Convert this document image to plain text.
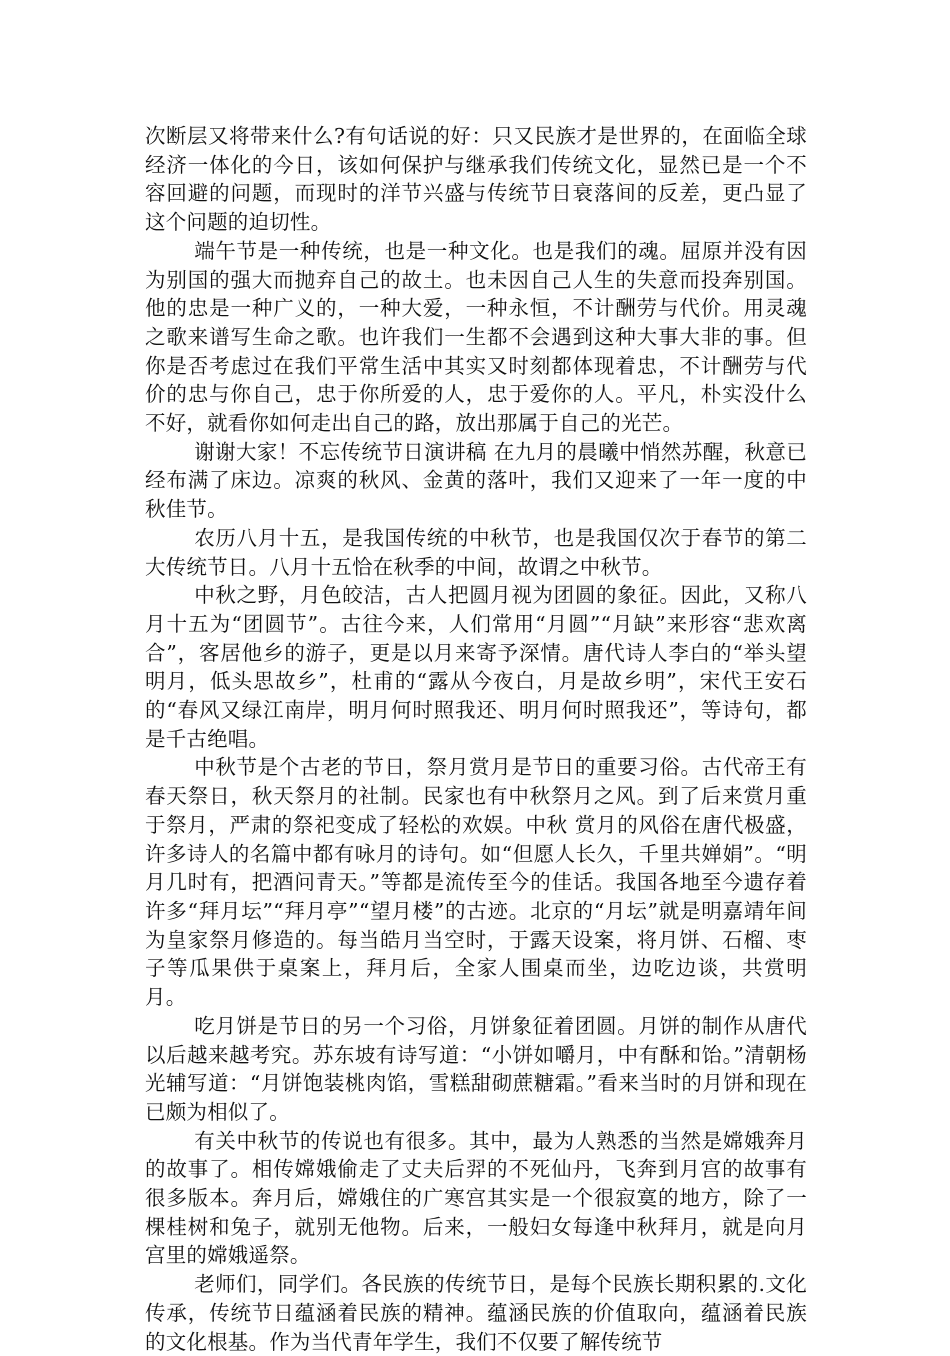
次断层又将带来什么?有句话说的好：只又民族才是世界的，在面临全球经济一体化的今日，该如何保护与继承我们传统文化，显然已是一个不容回避的问题，而现时的洋节兴盛与传统节日衰落间的反差，更凸显了这个问题的迫切性。

端午节是一种传统，也是一种文化。也是我们的魂。屈原并没有因为别国的强大而抛弃自己的故土。也未因自己人生的失意而投奔别国。他的忠是一种广义的，一种大爱，一种永恒，不计酬劳与代价。用灵魂之歌来谱写生命之歌。也许我们一生都不会遇到这种大事大非的事。但你是否考虑过在我们平常生活中其实又时刻都体现着忠，不计酬劳与代价的忠与你自己，忠于你所爱的人，忠于爱你的人。平凡，朴实没什么不好，就看你如何走出自己的路，放出那属于自己的光芒。

谢谢大家！不忘传统节日演讲稿 在九月的晨曦中悄然苏醒，秋意已经布满了床边。凉爽的秋风、金黄的落叶，我们又迎来了一年一度的中秋佳节。

农历八月十五，是我国传统的中秋节，也是我国仅次于春节的第二大传统节日。八月十五恰在秋季的中间，故谓之中秋节。

中秋之野，月色皎洁，古人把圆月视为团圆的象征。因此，又称八月十五为“团圆节”。古往今来，人们常用“月圆”“月缺”来形容“悲欢离合”，客居他乡的游子，更是以月来寄予深情。唐代诗人李白的“举头望明月，低头思故乡”，杜甫的“露从今夜白，月是故乡明”，宋代王安石的“春风又绿江南岸，明月何时照我还、明月何时照我还”，等诗句，都是千古绝唱。

中秋节是个古老的节日，祭月赏月是节日的重要习俗。古代帝王有春天祭日，秋天祭月的社制。民家也有中秋祭月之风。到了后来赏月重于祭月，严肃的祭祀变成了轻松的欢娱。中秋 赏月的风俗在唐代极盛，许多诗人的名篇中都有咏月的诗句。如“但愿人长久，千里共婵娟”。“明月几时有，把酒问青天。”等都是流传至今的佳话。我国各地至今遗存着许多“拜月坛”“拜月亭”“望月楼”的古迹。北京的“月坛”就是明嘉靖年间为皇家祭月修造的。每当皓月当空时，于露天设案，将月饼、石榴、枣子等瓜果供于桌案上，拜月后，全家人围桌而坐，边吃边谈，共赏明月。

吃月饼是节日的另一个习俗，月饼象征着团圆。月饼的制作从唐代以后越来越考究。苏东坡有诗写道：“小饼如嚼月，中有酥和饴。”清朝杨光辅写道：“月饼饱装桃肉馅，雪糕甜砌蔗糖霜。”看来当时的月饼和现在已颇为相似了。

有关中秋节的传说也有很多。其中，最为人熟悉的当然是嫦娥奔月的故事了。相传嫦娥偷走了丈夫后羿的不死仙丹，飞奔到月宫的故事有很多版本。奔月后，嫦娥住的广寒宫其实是一个很寂寞的地方，除了一棵桂树和兔子，就别无他物。后来，一般妇女每逢中秋拜月，就是向月宫里的嫦娥遥祭。

老师们，同学们。各民族的传统节日，是每个民族长期积累的.文化传承，传统节日蕴涵着民族的精神。蕴涵民族的价值取向，蕴涵着民族的文化根基。作为当代青年学生，我们不仅要了解传统节
